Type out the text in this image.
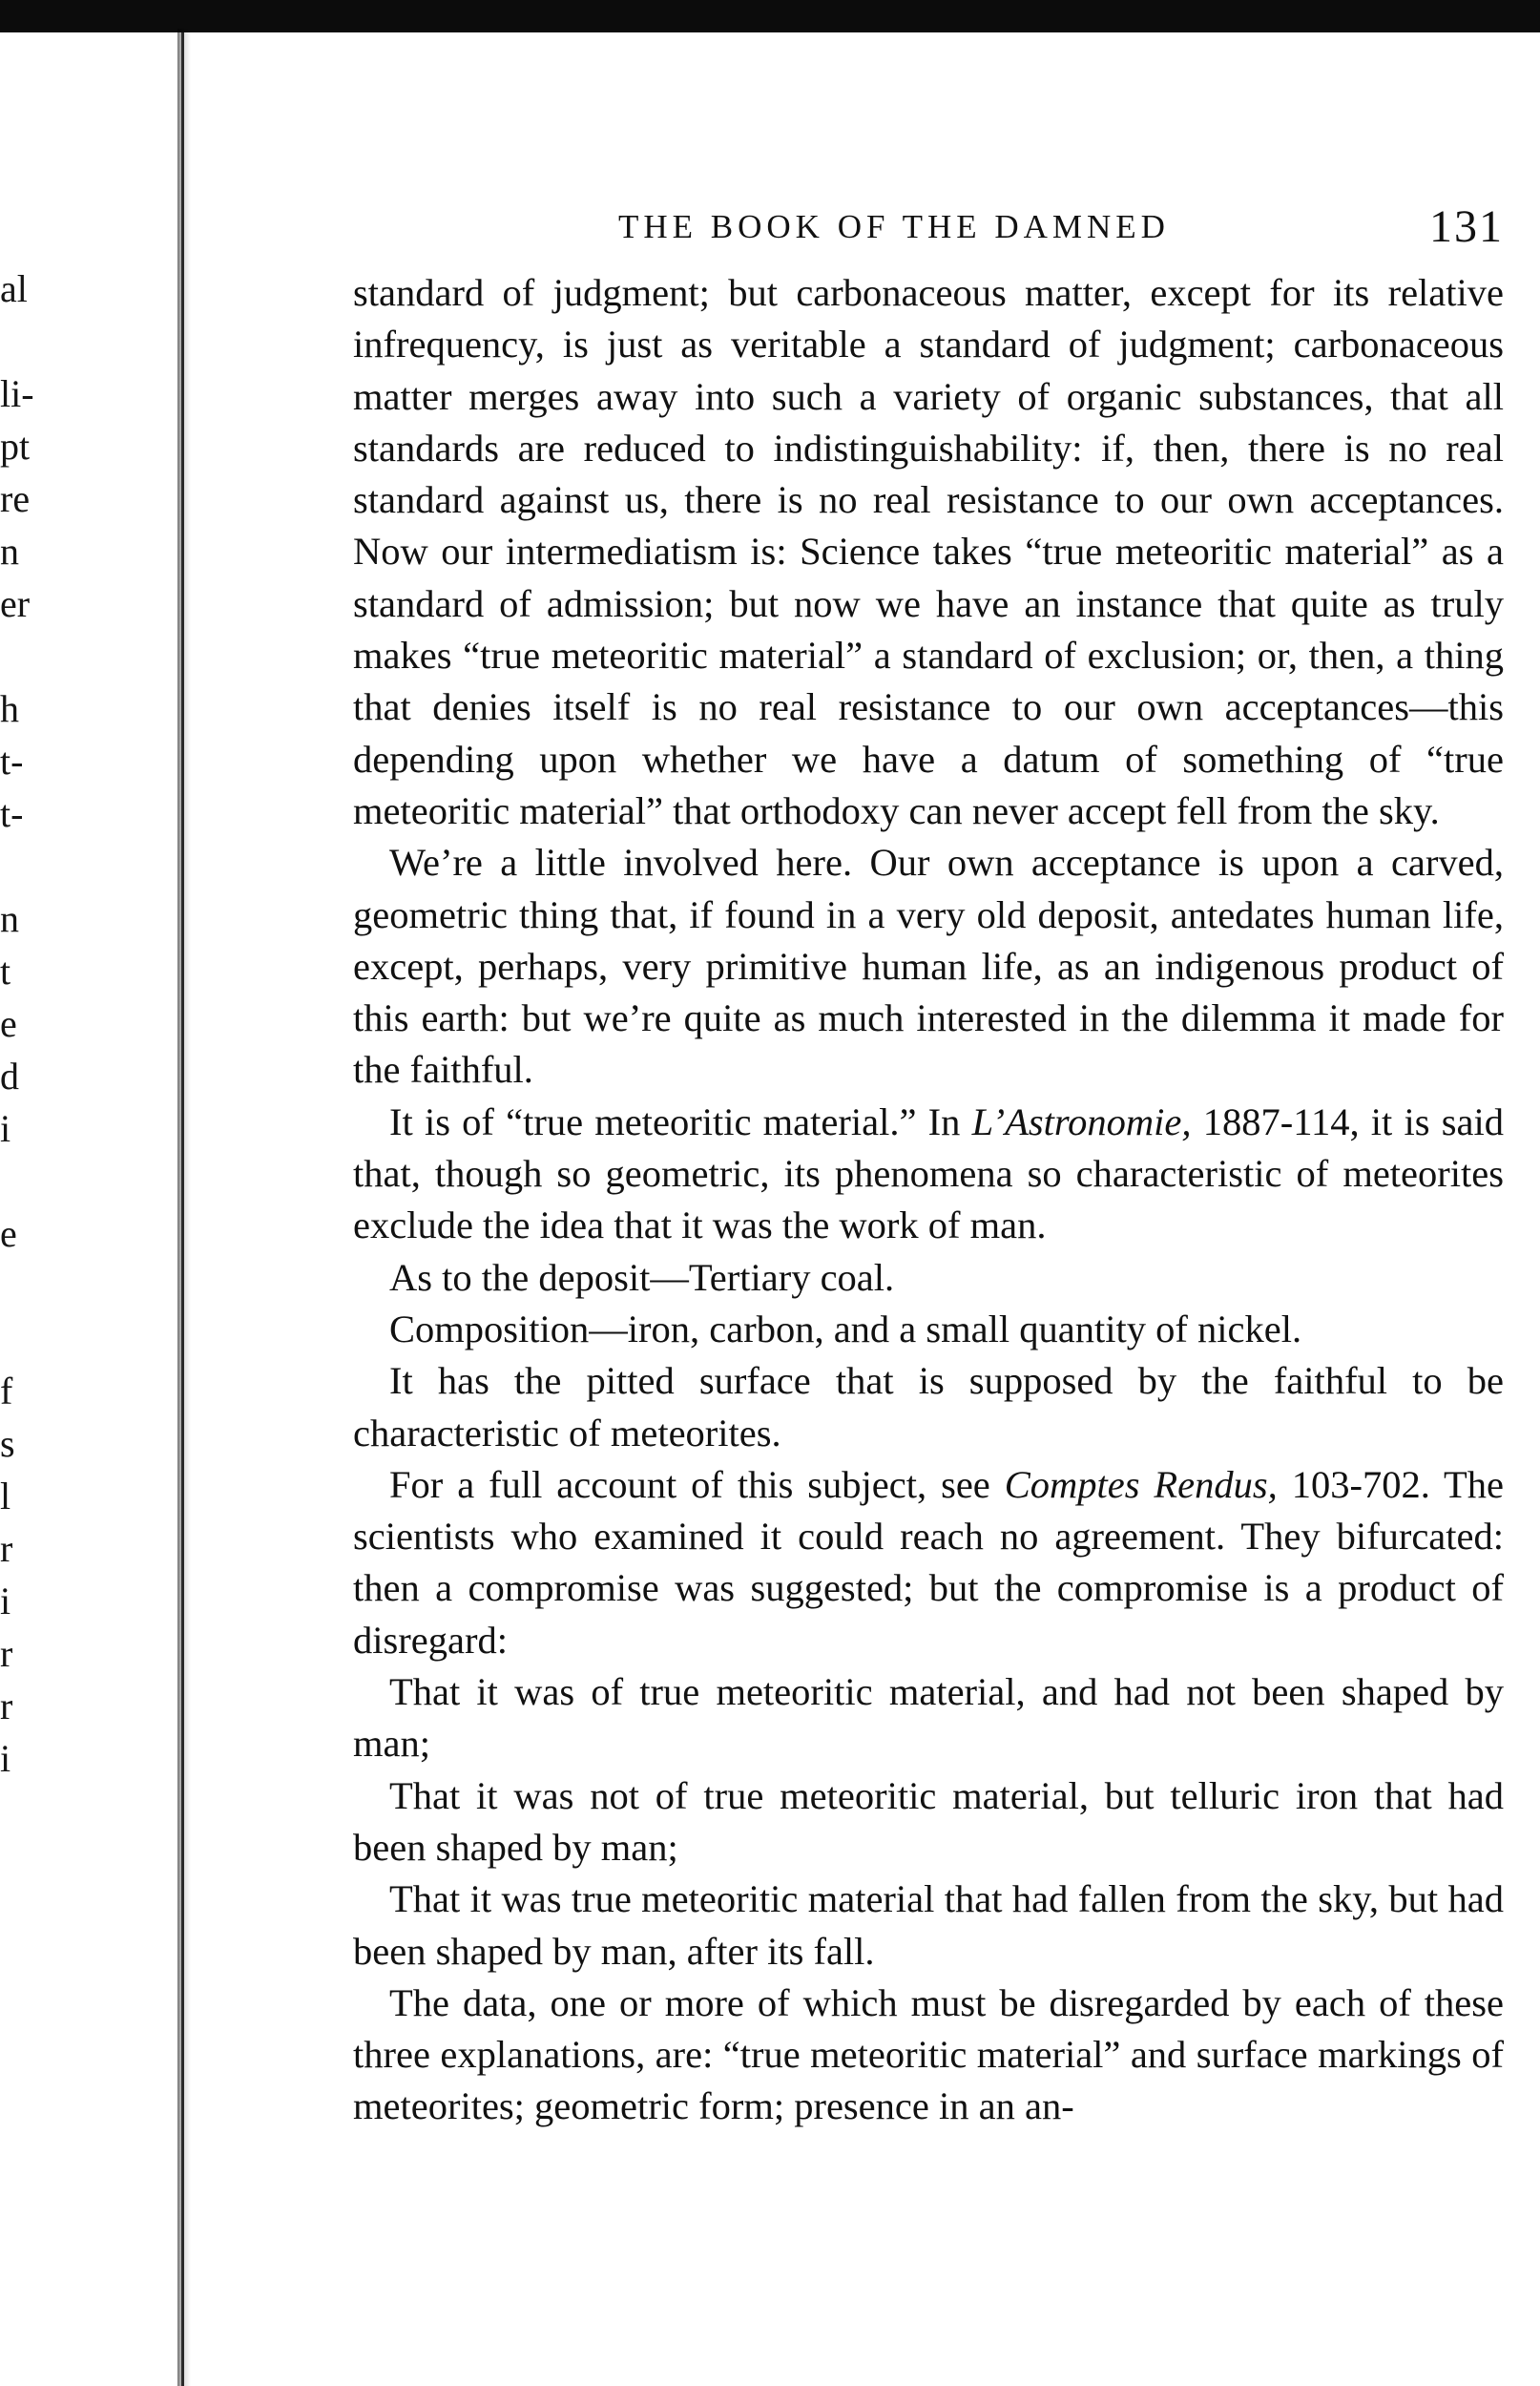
al
li-
pt
re
n
er
h
t-
t-
n
t
e
d
i
e
f
s
l
r
i
r
r
i
THE BOOK OF THE DAMNED	131

standard of judgment; but carbonaceous matter, except for its relative infrequency, is just as veritable a standard of judgment; carbonaceous matter merges away into such a variety of organic substances, that all standards are reduced to indistinguishability: if, then, there is no real standard against us, there is no real resistance to our own acceptances. Now our intermediatism is: Science takes “true meteoritic material” as a standard of admission; but now we have an instance that quite as truly makes “true meteoritic material” a standard of exclusion; or, then, a thing that denies itself is no real resistance to our own acceptances—this depending upon whether we have a datum of something of “true meteoritic material” that orthodoxy can never accept fell from the sky.

We’re a little involved here. Our own acceptance is upon a carved, geometric thing that, if found in a very old deposit, antedates human life, except, perhaps, very primitive human life, as an indigenous product of this earth: but we’re quite as much interested in the dilemma it made for the faithful.

It is of “true meteoritic material.” In L’Astronomie, 1887-114, it is said that, though so geometric, its phenomena so characteristic of meteorites exclude the idea that it was the work of man.

As to the deposit—Tertiary coal.

Composition—iron, carbon, and a small quantity of nickel.

It has the pitted surface that is supposed by the faithful to be characteristic of meteorites.

For a full account of this subject, see Comptes Rendus, 103-702. The scientists who examined it could reach no agreement. They bifurcated: then a compromise was suggested; but the compromise is a product of disregard:

That it was of true meteoritic material, and had not been shaped by man;

That it was not of true meteoritic material, but telluric iron that had been shaped by man;

That it was true meteoritic material that had fallen from the sky, but had been shaped by man, after its fall.

The data, one or more of which must be disregarded by each of these three explanations, are: “true meteoritic material” and surface markings of meteorites; geometric form; presence in an an-
